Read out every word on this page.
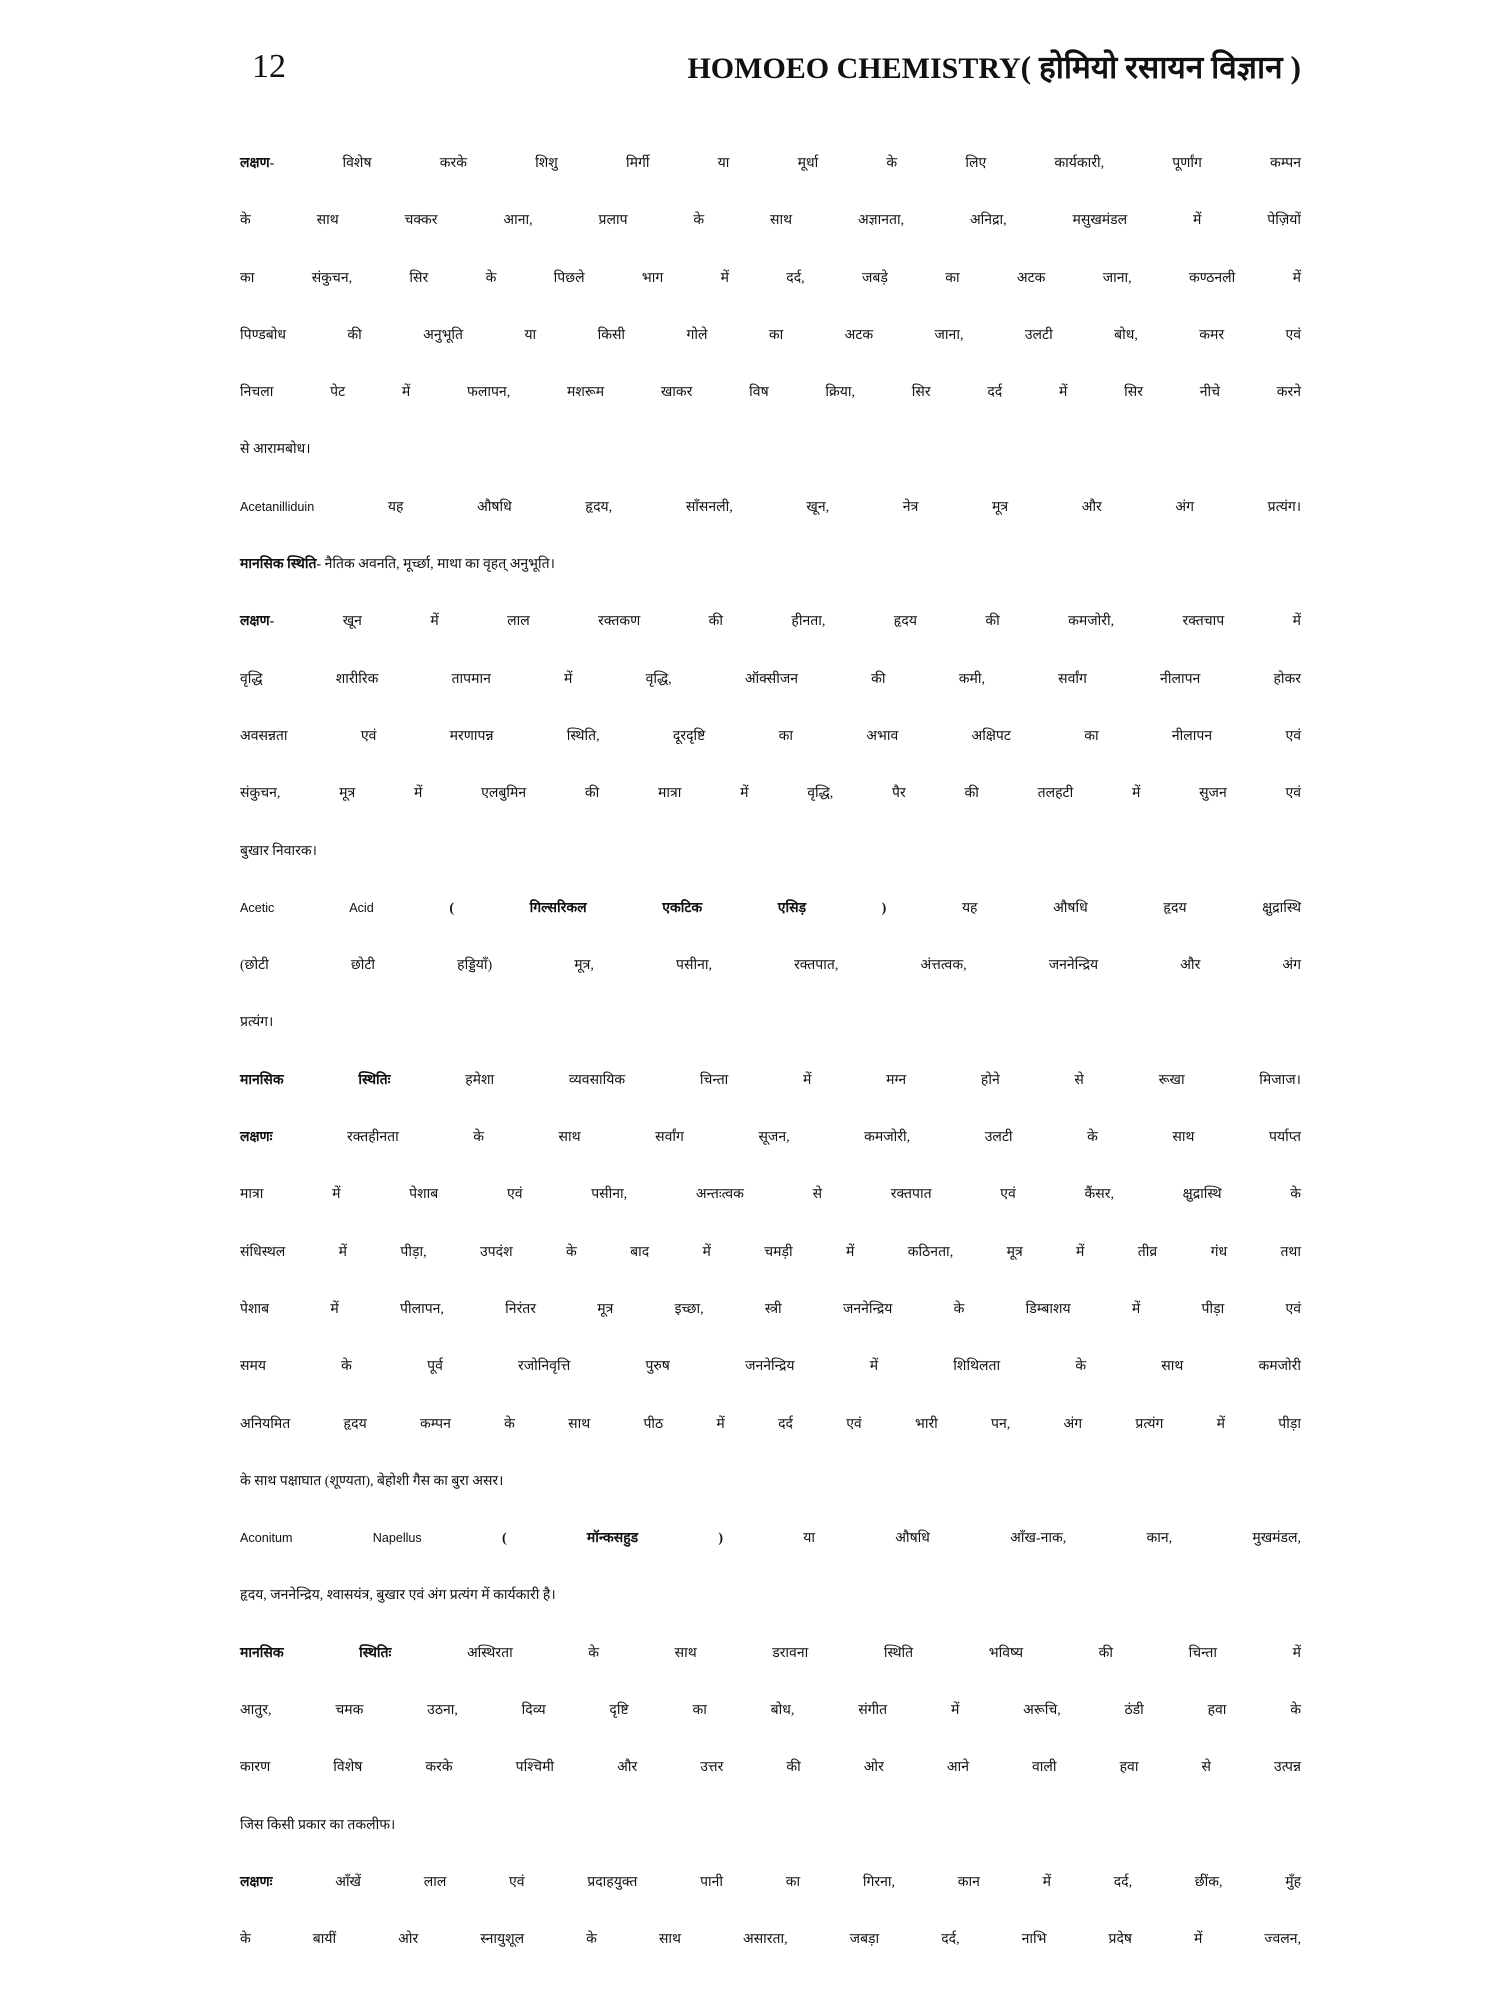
12	HOMOEO CHEMISTRY( होमियो रसायन विज्ञान )
लक्षण-	विशेष करके शिशु मिर्गी या मूर्धा के लिए कार्यकारी, पूर्णांग कम्पन
के साथ चक्कर आना, प्रलाप के साथ अज्ञानता, अनिद्रा, मसुखमंडल में पेज़ियों
का संकुचन, सिर के पिछले भाग में दर्द, जबड़े का अटक जाना, कण्ठनली में
पिण्डबोध की अनुभूति या किसी गोले का अटक जाना, उलटी बोध, कमर एवं
निचला पेट में फलापन, मशरूम खाकर विष क्रिया, सिर दर्द में सिर नीचे करने
से आरामबोध।
Acetanilliduin	यह औषधि हृदय, साँसनली, खून, नेत्र मूत्र और अंग प्रत्यंग।
मानसिक स्थिति- नैतिक अवनति, मूर्च्छा, माथा का वृहत् अनुभूति।
लक्षण-	खून में लाल रक्तकण की हीनता, हृदय की कमजोरी, रक्तचाप में
वृद्धि शारीरिक तापमान में वृद्धि, ऑक्सीजन की कमी, सर्वांग नीलापन होकर
अवसन्नता एवं मरणापन्न स्थिति, दूरदृष्टि का अभाव अक्षिपट का नीलापन एवं
संकुचन, मूत्र में एलबुमिन की मात्रा में वृद्धि, पैर की तलहटी में सुजन एवं
बुखार निवारक।
Acetic Acid	( गिल्सरिकल एकटिक एसिड़ )	यह औषधि हृदय क्षुद्रास्थि
(छोटी छोटी हड्डियाँ) मूत्र, पसीना, रक्तपात, अंत्तत्वक, जननेन्द्रिय और अंग
प्रत्यंग।
मानसिक स्थितिः	हमेशा व्यवसायिक चिन्ता में मग्न होने से रूखा मिजाज।
लक्षणः	रक्तहीनता के साथ सर्वांग सूजन, कमजोरी, उलटी के साथ पर्याप्त
मात्रा में पेशाब एवं पसीना, अन्तःत्वक से रक्तपात एवं कैंसर, क्षुद्रास्थि के
संधिस्थल में पीड़ा, उपदंश के बाद में चमड़ी में कठिनता, मूत्र में तीव्र गंध तथा
पेशाब में पीलापन, निरंतर मूत्र इच्छा, स्त्री जननेन्द्रिय के डिम्बाशय में पीड़ा एवं
समय के पूर्व रजोनिवृत्ति पुरुष जननेन्द्रिय में शिथिलता के साथ कमजोरी
अनियमित हृदय कम्पन के साथ पीठ में दर्द एवं भारी पन, अंग प्रत्यंग में पीड़ा
के साथ पक्षाघात (शूण्यता), बेहोशी गैस का बुरा असर।
Aconitum Napellus	( मॉन्कसहुड )	या औषधि आँख-नाक, कान, मुखमंडल,
हृदय, जननेन्द्रिय, श्वासयंत्र, बुखार एवं अंग प्रत्यंग में कार्यकारी है।
मानसिक स्थितिः	अस्थिरता के साथ डरावना स्थिति भविष्य की चिन्ता में
आतुर, चमक उठना, दिव्य दृष्टि का बोध, संगीत में अरूचि, ठंडी हवा के
कारण विशेष करके पश्चिमी और उत्तर की ओर आने वाली हवा से उत्पन्न
जिस किसी प्रकार का तकलीफ।
लक्षणः	आँखें लाल एवं प्रदाहयुक्त पानी का गिरना, कान में दर्द, छींक, मुँह
के बायीं ओर स्नायुशूल के साथ असारता, जबड़ा दर्द, नाभि प्रदेष में ज्वलन,
